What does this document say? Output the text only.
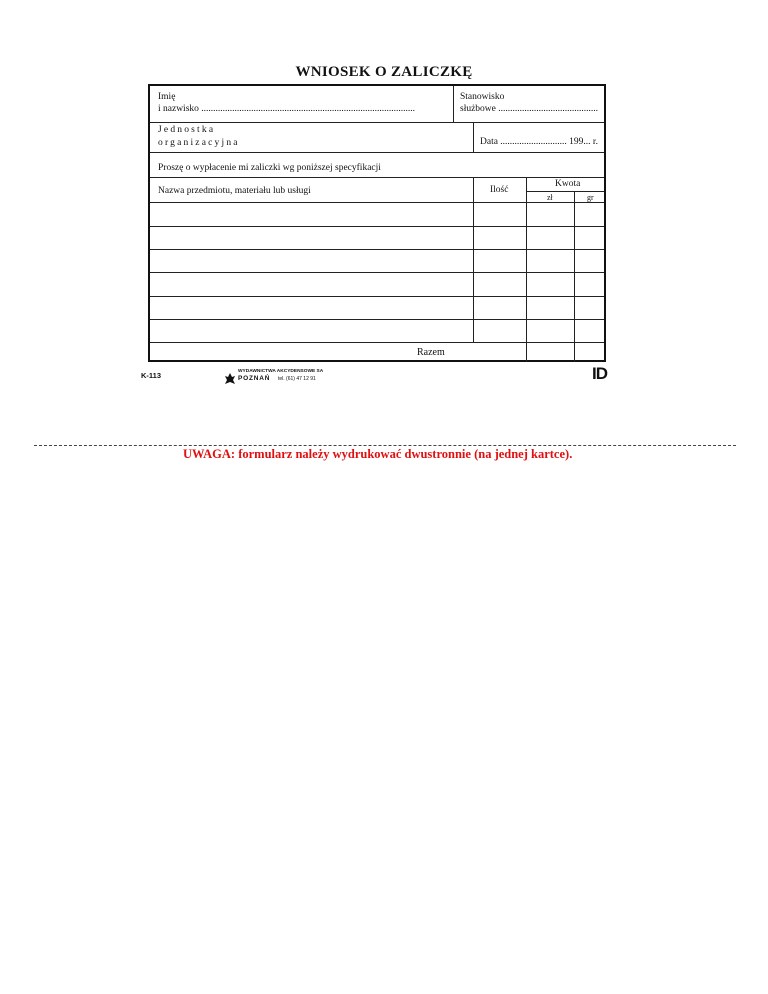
WNIOSEK O ZALICZKĘ
Imię
i nazwisko ..........................................................................................
Stanowisko
służbowe ..........................................
Jednostka
organizacyjna	Data ............................ 199... r.
Proszę o wypłacenie mi zaliczki wg poniższej specyfikacji
Nazwa przedmiotu, materiału lub usługi	Ilość
Kwota
zł	gr
Razem
K-113	WYDAWNICTWA AKCYDENSOWE SA
POZNAŃ tel. (61) 47 12 91	ID
UWAGA: formularz należy wydrukować dwustronnie (na jednej kartce).
